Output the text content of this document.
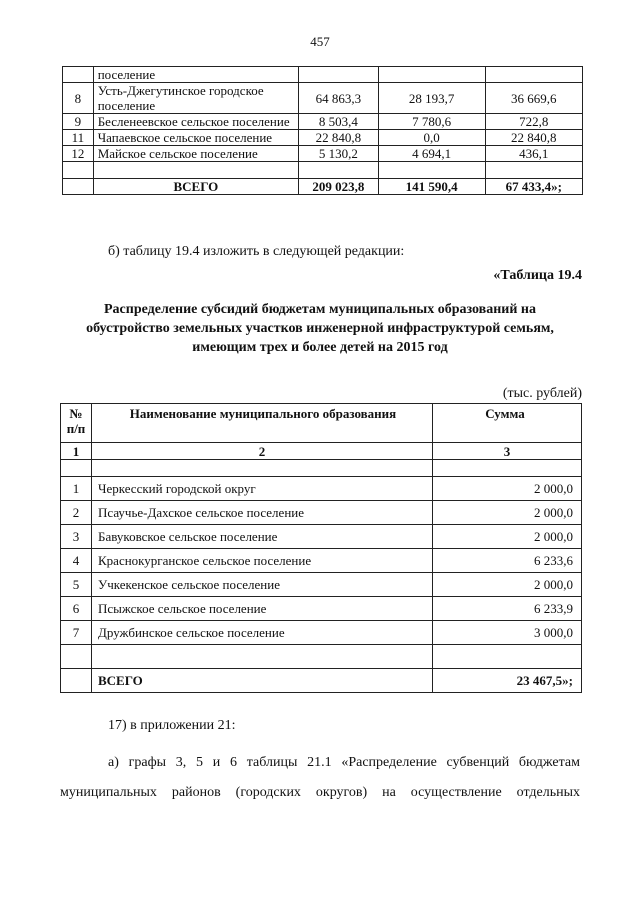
457
	поселение			
8	Усть-Джегутинское городское поселение	64 863,3	28 193,7	36 669,6
9	Бесленеевское сельское поселение	8 503,4	7 780,6	722,8
11	Чапаевское сельское поселение	22 840,8	0,0	22 840,8
12	Майское сельское поселение	5 130,2	4 694,1	436,1

	ВСЕГО	209 023,8	141 590,4	67 433,4»;
б) таблицу 19.4 изложить в следующей редакции:
«Таблица 19.4
Распределение субсидий бюджетам муниципальных образований на
обустройство земельных участков инженерной инфраструктурой семьям,
имеющим трех и более детей на 2015 год
(тыс. рублей)
№ п/п	Наименование муниципального образования	Сумма
1	2	3

1	Черкесский городской округ	2 000,0
2	Псаучье-Дахское сельское поселение	2 000,0
3	Бавуковское сельское поселение	2 000,0
4	Краснокурганское сельское поселение	6 233,6
5	Учкекенское сельское поселение	2 000,0
6	Псыжское сельское поселение	6 233,9
7	Дружбинское сельское поселение	3 000,0

	ВСЕГО	23 467,5»;
17) в приложении 21:
а) графы 3, 5 и 6 таблицы 21.1 «Распределение субвенций бюджетам
муниципальных районов (городских округов) на осуществление отдельных
